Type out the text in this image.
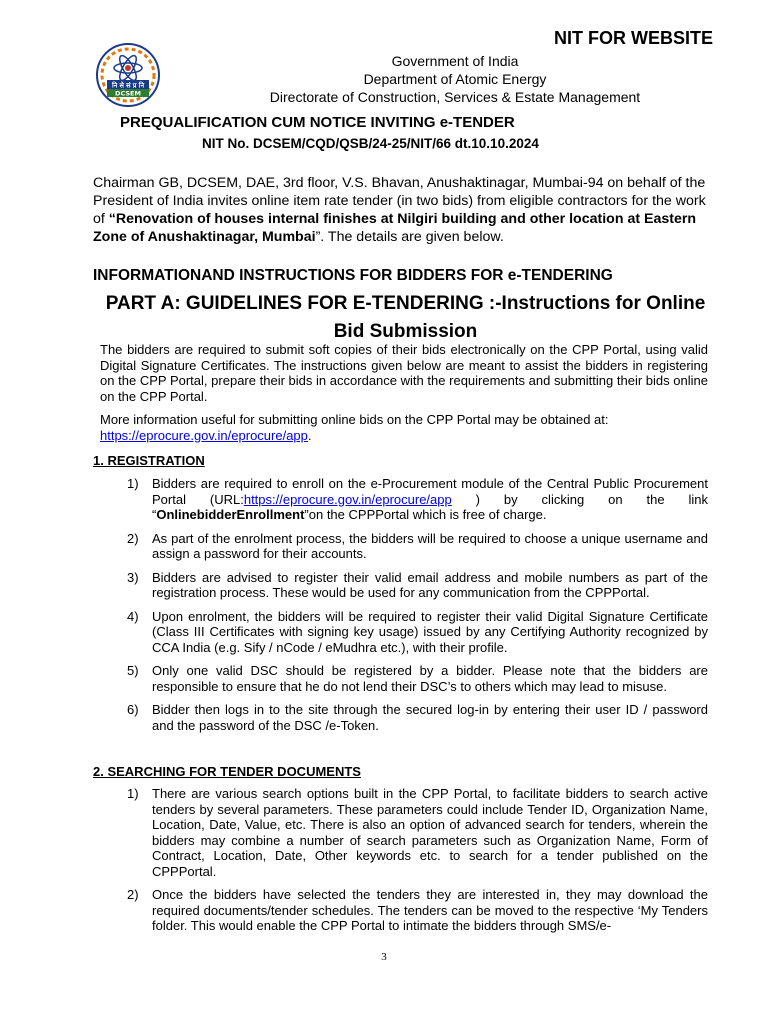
NIT FOR WEBSITE
नि से सं प्र नि
DCSEM
Government of India
Department of Atomic Energy
Directorate of Construction, Services & Estate Management
PREQUALIFICATION CUM NOTICE INVITING e-TENDER
NIT No. DCSEM/CQD/QSB/24-25/NIT/66 dt.10.10.2024
Chairman GB, DCSEM, DAE, 3rd floor, V.S. Bhavan, Anushaktinagar, Mumbai-94 on behalf of the President of India invites online item rate tender (in two bids) from eligible contractors for the work of “Renovation of houses internal finishes at Nilgiri building and other location at Eastern Zone of Anushaktinagar, Mumbai”. The details are given below.
INFORMATIONAND INSTRUCTIONS FOR BIDDERS FOR e-TENDERING
PART A: GUIDELINES FOR E-TENDERING :-Instructions for Online Bid Submission
The bidders are required to submit soft copies of their bids electronically on the CPP Portal, using valid Digital Signature Certificates. The instructions given below are meant to assist the bidders in registering on the CPP Portal, prepare their bids in accordance with the requirements and submitting their bids online on the CPP Portal.
More information useful for submitting online bids on the CPP Portal may be obtained at:
https://eprocure.gov.in/eprocure/app.
1. REGISTRATION
1) Bidders are required to enroll on the e-Procurement module of the Central Public Procurement Portal (URL:https://eprocure.gov.in/eprocure/app ) by clicking on the link “OnlinebidderEnrollment”on the CPPPortal which is free of charge.
2) As part of the enrolment process, the bidders will be required to choose a unique username and assign a password for their accounts.
3) Bidders are advised to register their valid email address and mobile numbers as part of the registration process. These would be used for any communication from the CPPPortal.
4) Upon enrolment, the bidders will be required to register their valid Digital Signature Certificate (Class III Certificates with signing key usage) issued by any Certifying Authority recognized by CCA India (e.g. Sify / nCode / eMudhra etc.), with their profile.
5) Only one valid DSC should be registered by a bidder. Please note that the bidders are responsible to ensure that he do not lend their DSC’s to others which may lead to misuse.
6) Bidder then logs in to the site through the secured log-in by entering their user ID / password and the password of the DSC /e-Token.
2. SEARCHING FOR TENDER DOCUMENTS
1) There are various search options built in the CPP Portal, to facilitate bidders to search active tenders by several parameters. These parameters could include Tender ID, Organization Name, Location, Date, Value, etc. There is also an option of advanced search for tenders, wherein the bidders may combine a number of search parameters such as Organization Name, Form of Contract, Location, Date, Other keywords etc. to search for a tender published on the CPPPortal.
2) Once the bidders have selected the tenders they are interested in, they may download the required documents/tender schedules. The tenders can be moved to the respective ‘My Tenders folder. This would enable the CPP Portal to intimate the bidders through SMS/e-
3
